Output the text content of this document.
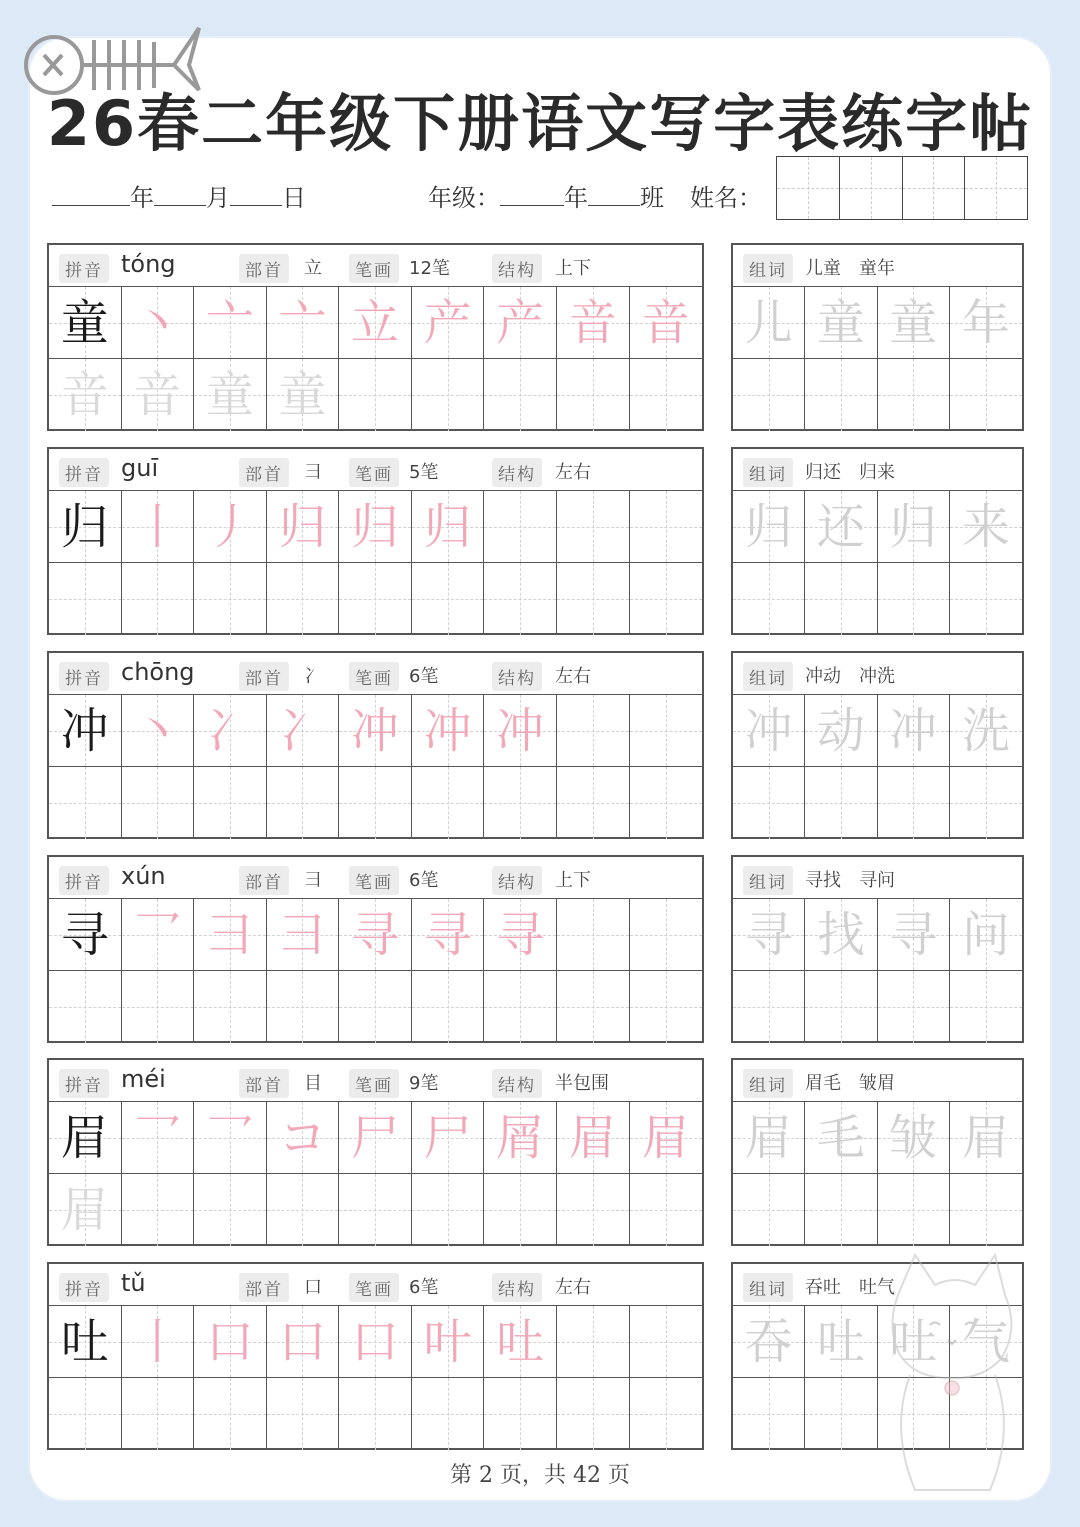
26春二年级下册语文写字表练字帖
年 月 日	年级：	年 班 姓名：
拼音 tóng	部首	立	笔画 12笔	结构	上下
童 丶 亠 亠 立 产 产 音 音
音 音 童 童
组词	儿童　童年
儿 童 童 年
拼音 guī	部首	彐	笔画 5笔	结构	左右
归 丨 丿 归 归 归
组词	归还　归来
归 还 归 来
拼音 chōng	部首	冫	笔画 6笔	结构	左右
冲 丶 冫 冫 冲 冲 冲
组词	冲动　冲洗
冲 动 冲 洗
拼音 xún	部首	彐	笔画 6笔	结构	上下
寻 乛 彐 彐 寻 寻 寻
组词	寻找　寻问
寻 找 寻 问
拼音 méi	部首	目	笔画 9笔	结构	半包围
眉 乛 乛 コ 尸 尸 屑 眉 眉
眉
组词	眉毛　皱眉
眉 毛 皱 眉
拼音 tǔ	部首	口	笔画 6笔	结构	左右
吐 丨 口 口 口 叶 吐
组词	吞吐　吐气
吞 吐 吐 气
第 2 页，共 42 页
